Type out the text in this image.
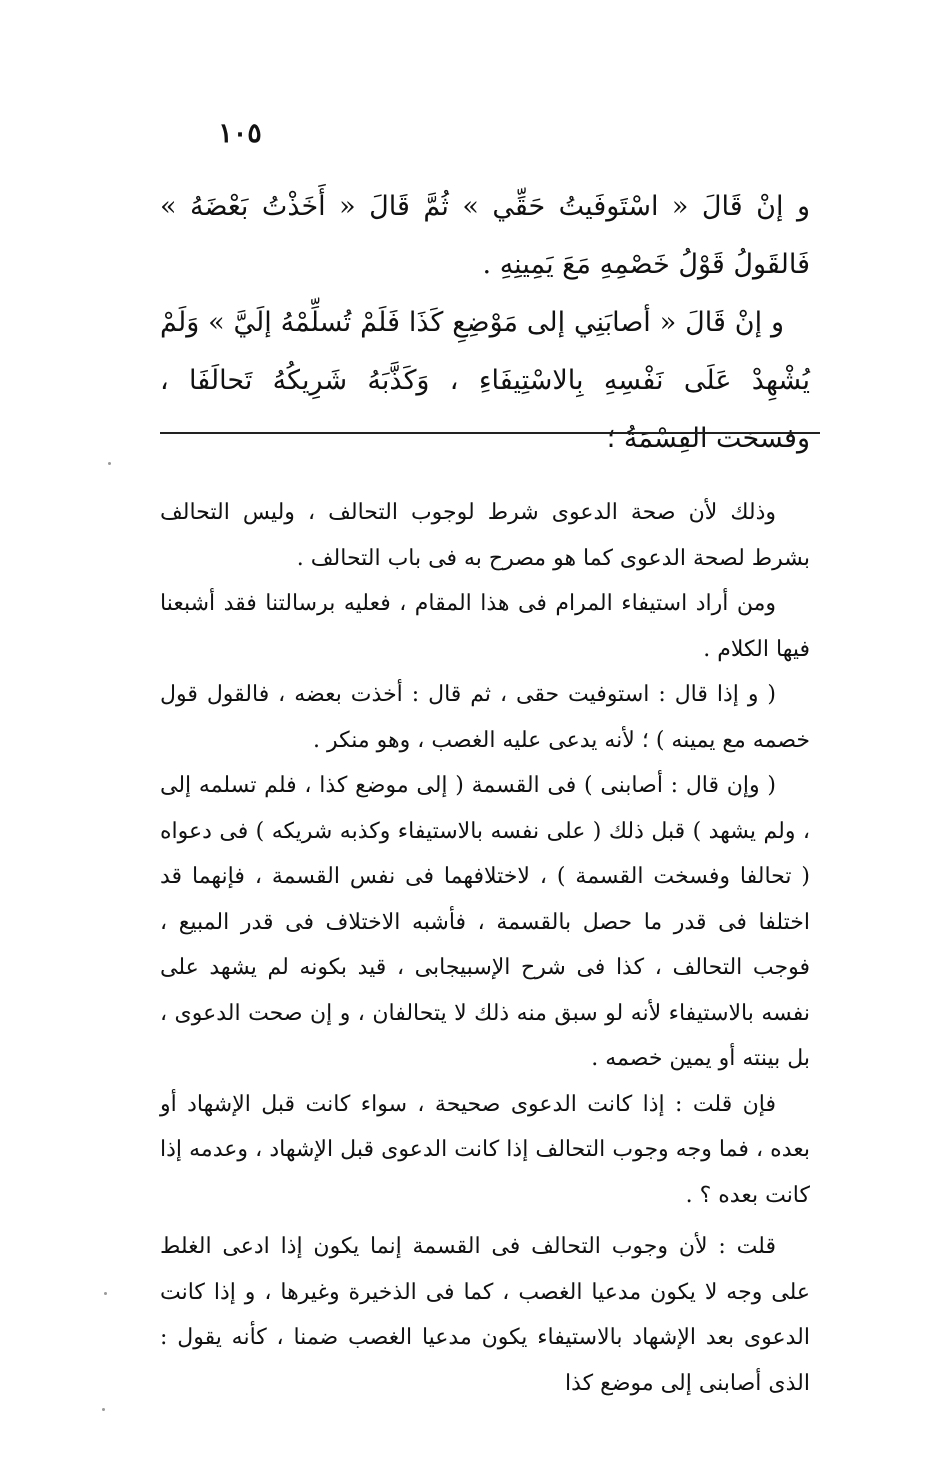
١٠٥

و إنْ قَالَ « اسْتَوفَيتُ حَقِّي » ثُمَّ قَالَ « أَخَذْتُ بَعْضَهُ » فَالقَولُ قَوْلُ خَصْمِهِ مَعَ يَمِينِهِ .

و إنْ قَالَ « أصابَنِي إلى مَوْضِعِ كَذَا فَلَمْ تُسلِّمْهُ إلَيَّ » وَلَمْ يُشْهِدْ عَلَى نَفْسِهِ بِالاسْتِيفَاءِ ، وَكَذَّبَهُ شَرِيكُهُ تَحالَفَا ، وفسخت القِسْمَةُ ؛

وذلك لأن صحة الدعوى شرط لوجوب التحالف ، وليس التحالف بشرط لصحة الدعوى كما هو مصرح به فى باب التحالف .

ومن أراد استيفاء المرام فى هذا المقام ، فعليه برسالتنا فقد أشبعنا فيها الكلام .

( و إذا قال : استوفيت حقى ، ثم قال : أخذت بعضه ، فالقول قول خصمه مع يمينه ) ؛ لأنه يدعى عليه الغصب ، وهو منكر .

( وإن قال : أصابنى ) فى القسمة ( إلى موضع كذا ، فلم تسلمه إلى ، ولم يشهد ) قبل ذلك ( على نفسه بالاستيفاء وكذبه شريكه ) فى دعواه ( تحالفا وفسخت القسمة ) ، لاختلافهما فى نفس القسمة ، فإنهما قد اختلفا فى قدر ما حصل بالقسمة ، فأشبه الاختلاف فى قدر المبيع ، فوجب التحالف ، كذا فى شرح الإسبيجابى ، قيد بكونه لم يشهد على نفسه بالاستيفاء لأنه لو سبق منه ذلك لا يتحالفان ، و إن صحت الدعوى ، بل بينته أو يمين خصمه .

فإن قلت : إذا كانت الدعوى صحيحة ، سواء كانت قبل الإشهاد أو بعده ، فما وجه وجوب التحالف إذا كانت الدعوى قبل الإشهاد ، وعدمه إذا كانت بعده ؟ .

قلت : لأن وجوب التحالف فى القسمة إنما يكون إذا ادعى الغلط على وجه لا يكون مدعيا الغصب ، كما فى الذخيرة وغيرها ، و إذا كانت الدعوى بعد الإشهاد بالاستيفاء يكون مدعيا الغصب ضمنا ، كأنه يقول : الذى أصابنى إلى موضع كذا
